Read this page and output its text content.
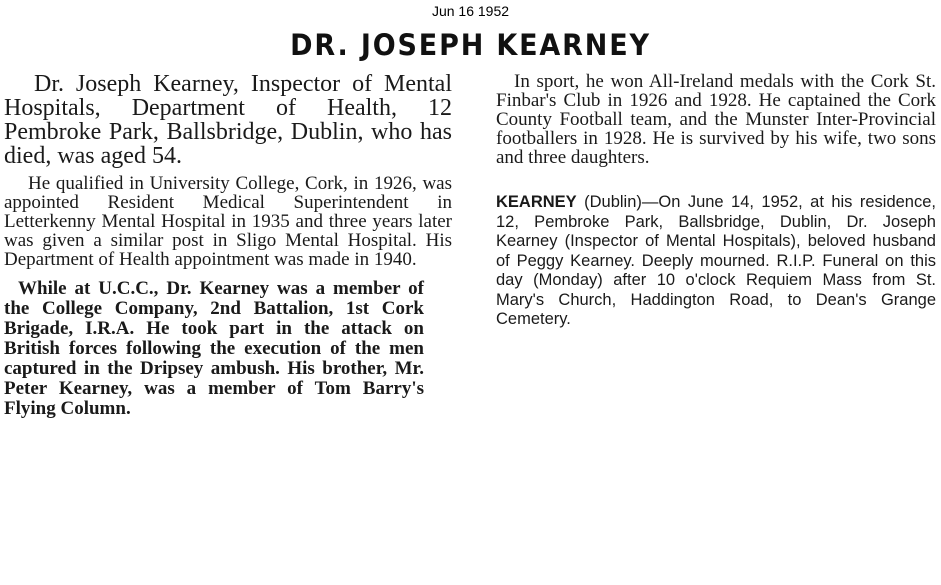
Jun 16 1952
DR. JOSEPH KEARNEY

Dr. Joseph Kearney, Inspector of Mental Hospitals, Department of Health, 12 Pembroke Park, Ballsbridge, Dublin, who has died, was aged 54.

He qualified in University College, Cork, in 1926, was appointed Resident Medical Superintendent in Letterkenny Mental Hospital in 1935 and three years later was given a similar post in Sligo Mental Hospital. His Department of Health appointment was made in 1940.

While at U.C.C., Dr. Kearney was a member of the College Company, 2nd Battalion, 1st Cork Brigade, I.R.A. He took part in the attack on British forces following the execution of the men captured in the Dripsey ambush. His brother, Mr. Peter Kearney, was a member of Tom Barry's Flying Column.

In sport, he won All-Ireland medals with the Cork St. Finbar's Club in 1926 and 1928. He captained the Cork County Football team, and the Munster Inter-Provincial footballers in 1928. He is survived by his wife, two sons and three daughters.

KEARNEY (Dublin)—On June 14, 1952, at his residence, 12, Pembroke Park, Ballsbridge, Dublin, Dr. Joseph Kearney (Inspector of Mental Hospitals), beloved husband of Peggy Kearney. Deeply mourned. R.I.P. Funeral on this day (Monday) after 10 o'clock Requiem Mass from St. Mary's Church, Haddington Road, to Dean's Grange Cemetery.
